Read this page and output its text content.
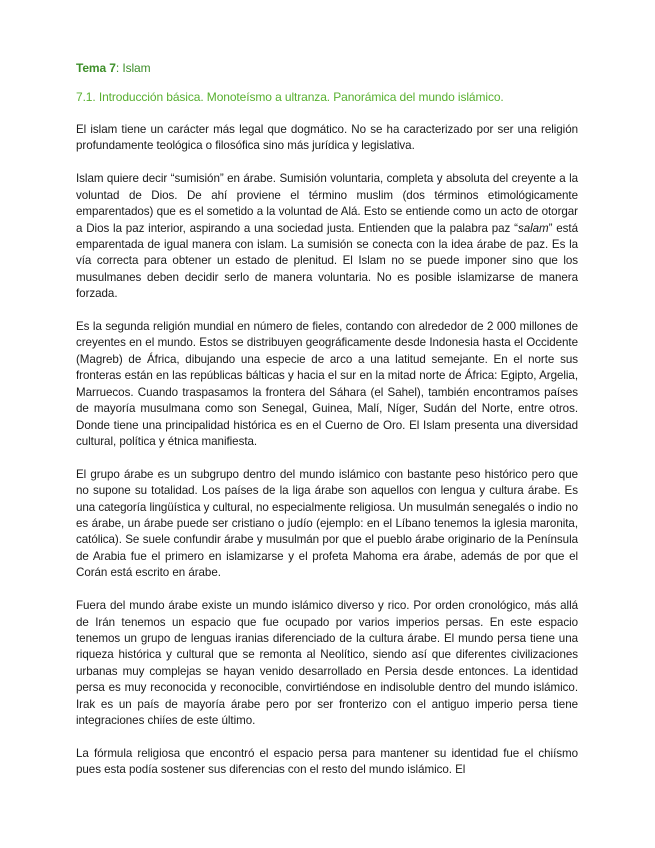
Tema 7: Islam
7.1. Introducción básica. Monoteísmo a ultranza. Panorámica del mundo islámico.

El islam tiene un carácter más legal que dogmático. No se ha caracterizado por ser una religión profundamente teológica o filosófica sino más jurídica y legislativa.

Islam quiere decir “sumisión” en árabe. Sumisión voluntaria, completa y absoluta del creyente a la voluntad de Dios. De ahí proviene el término muslim (dos términos etimológicamente emparentados) que es el sometido a la voluntad de Alá. Esto se entiende como un acto de otorgar a Dios la paz interior, aspirando a una sociedad justa. Entienden que la palabra paz “salam” está emparentada de igual manera con islam. La sumisión se conecta con la idea árabe de paz. Es la vía correcta para obtener un estado de plenitud. El Islam no se puede imponer sino que los musulmanes deben decidir serlo de manera voluntaria. No es posible islamizarse de manera forzada.

Es la segunda religión mundial en número de fieles, contando con alrededor de 2 000 millones de creyentes en el mundo. Estos se distribuyen geográficamente desde Indonesia hasta el Occidente (Magreb) de África, dibujando una especie de arco a una latitud semejante. En el norte sus fronteras están en las repúblicas bálticas y hacia el sur en la mitad norte de África: Egipto, Argelia, Marruecos. Cuando traspasamos la frontera del Sáhara (el Sahel), también encontramos países de mayoría musulmana como son Senegal, Guinea, Malí, Níger, Sudán del Norte, entre otros. Donde tiene una principalidad histórica es en el Cuerno de Oro. El Islam presenta una diversidad cultural, política y étnica manifiesta.

El grupo árabe es un subgrupo dentro del mundo islámico con bastante peso histórico pero que no supone su totalidad. Los países de la liga árabe son aquellos con lengua y cultura árabe. Es una categoría lingüística y cultural, no especialmente religiosa. Un musulmán senegalés o indio no es árabe, un árabe puede ser cristiano o judío (ejemplo: en el Líbano tenemos la iglesia maronita, católica). Se suele confundir árabe y musulmán por que el pueblo árabe originario de la Península de Arabia fue el primero en islamizarse y el profeta Mahoma era árabe, además de por que el Corán está escrito en árabe.

Fuera del mundo árabe existe un mundo islámico diverso y rico. Por orden cronológico, más allá de Irán tenemos un espacio que fue ocupado por varios imperios persas. En este espacio tenemos un grupo de lenguas iranias diferenciado de la cultura árabe. El mundo persa tiene una riqueza histórica y cultural que se remonta al Neolítico, siendo así que diferentes civilizaciones urbanas muy complejas se hayan venido desarrollado en Persia desde entonces. La identidad persa es muy reconocida y reconocible, convirtiéndose en indisoluble dentro del mundo islámico. Irak es un país de mayoría árabe pero por ser fronterizo con el antiguo imperio persa tiene integraciones chiíes de este último.

La fórmula religiosa que encontró el espacio persa para mantener su identidad fue el chiísmo pues esta podía sostener sus diferencias con el resto del mundo islámico. El
